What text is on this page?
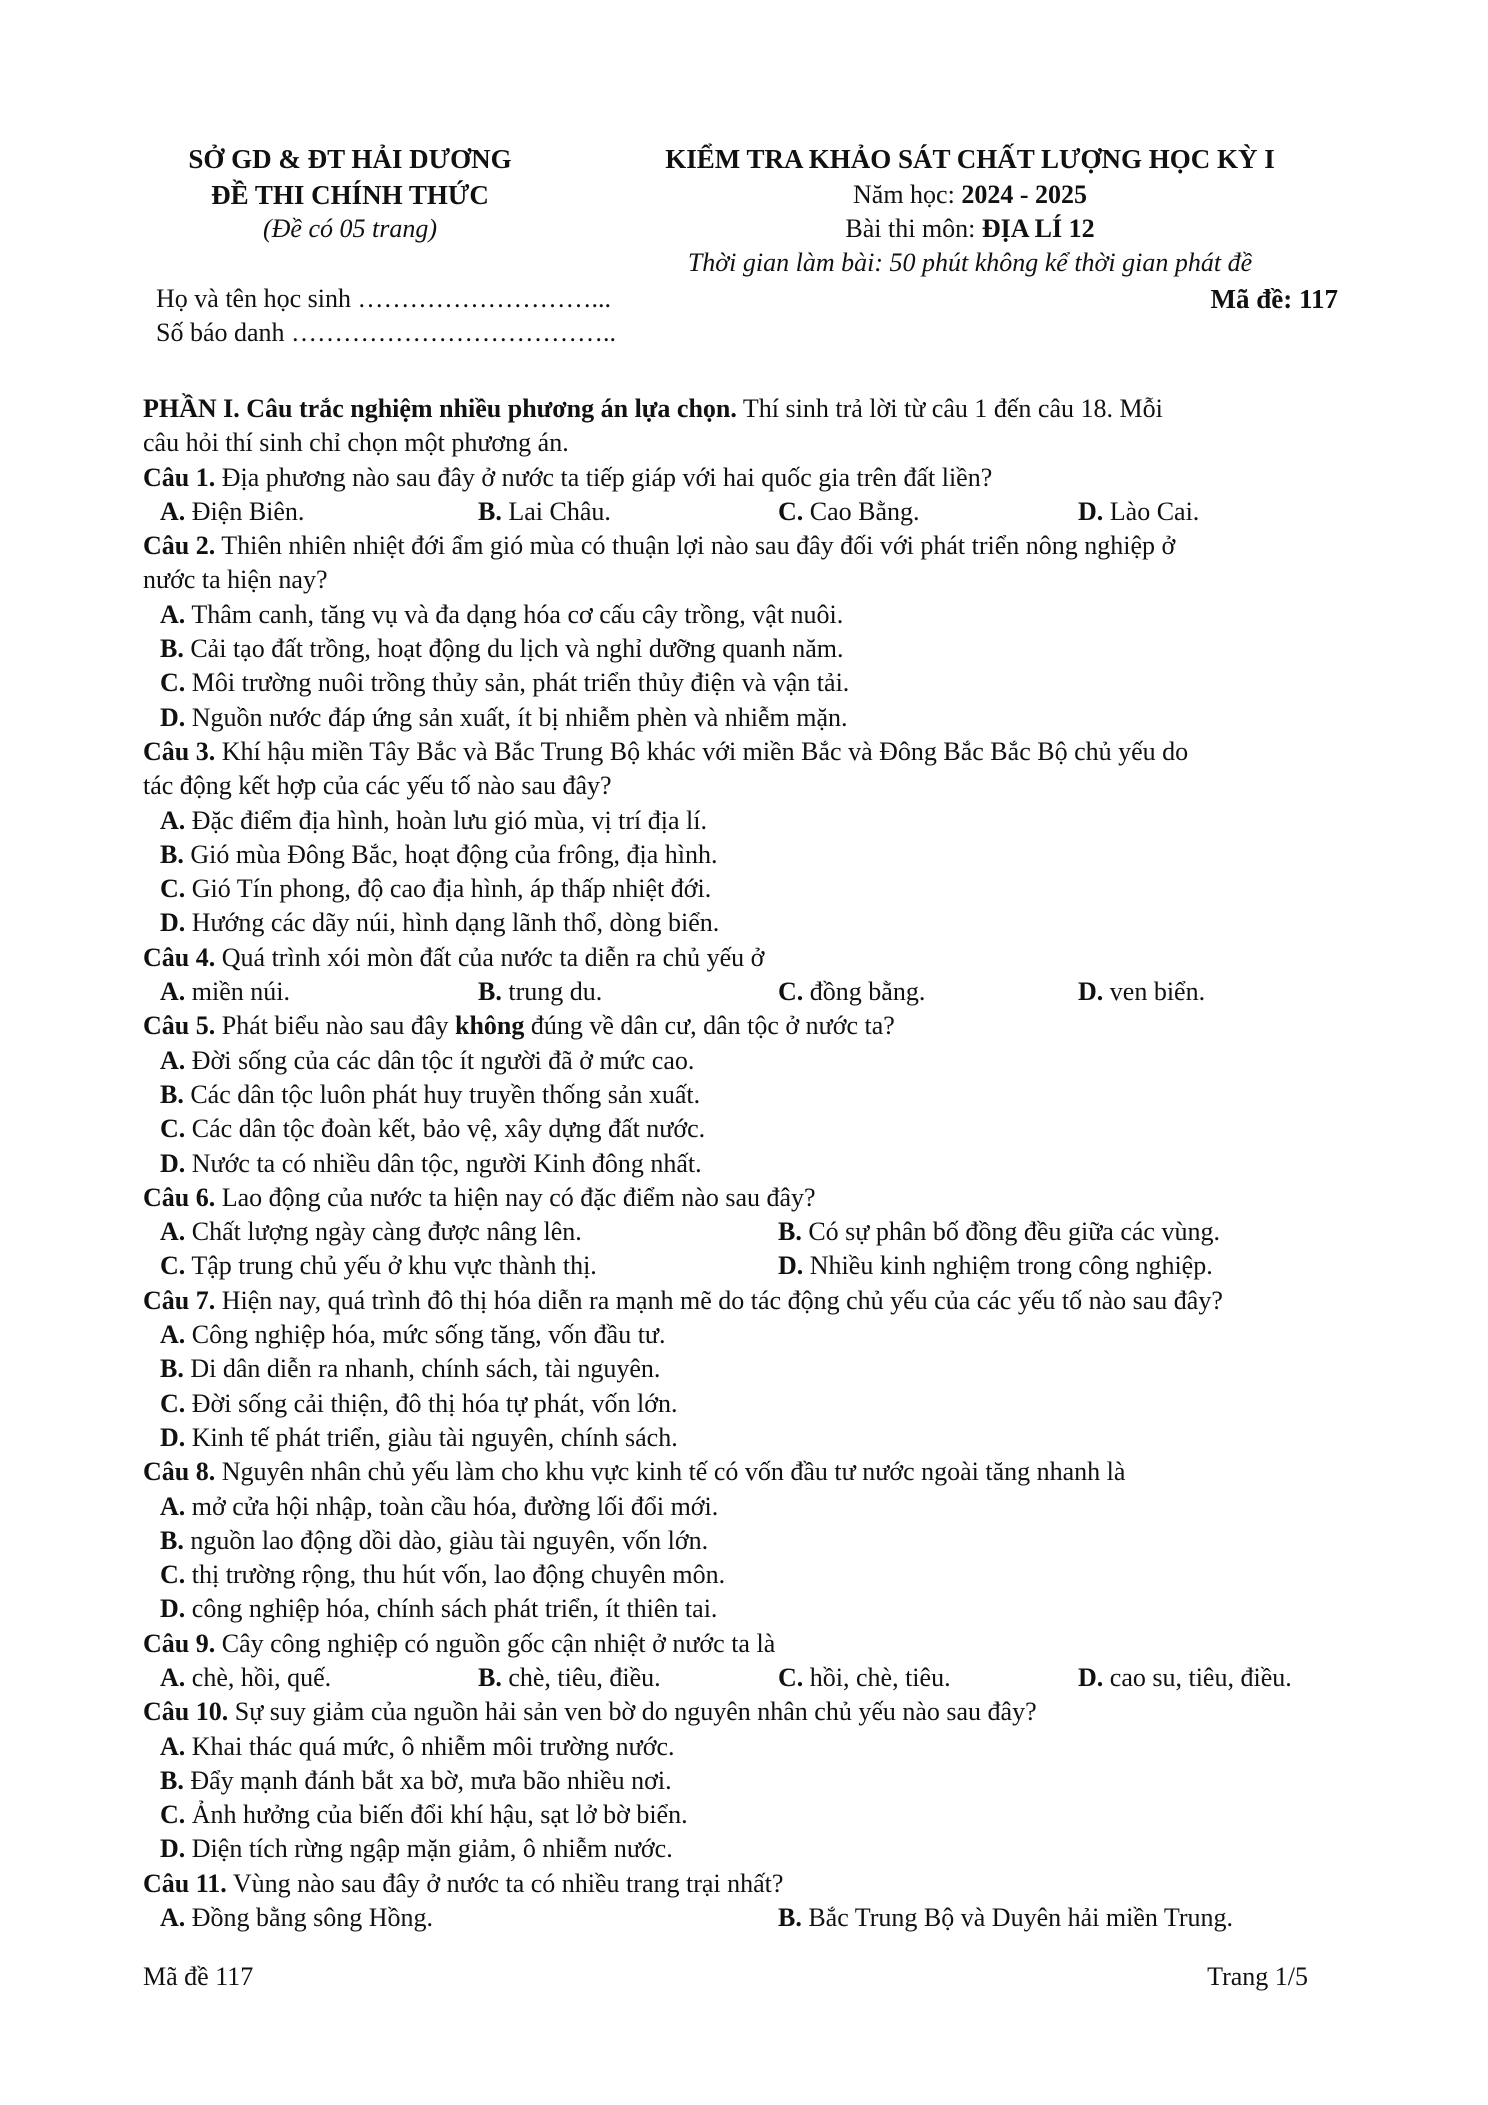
SỞ GD & ĐT HẢI DƯƠNG
ĐỀ THI CHÍNH THỨC
(Đề có 05 trang)
KIỂM TRA KHẢO SÁT CHẤT LƯỢNG HỌC KỲ I
Năm học: 2024 - 2025
Bài thi môn: ĐỊA LÍ 12
Thời gian làm bài: 50 phút không kể thời gian phát đề
Họ và tên học sinh ………………………...	Mã đề: 117
Số báo danh ………………………………..
PHẦN I. Câu trắc nghiệm nhiều phương án lựa chọn. Thí sinh trả lời từ câu 1 đến câu 18. Mỗi
câu hỏi thí sinh chỉ chọn một phương án.
Câu 1. Địa phương nào sau đây ở nước ta tiếp giáp với hai quốc gia trên đất liền?
A. Điện Biên.	B. Lai Châu.	C. Cao Bằng.	D. Lào Cai.
Câu 2. Thiên nhiên nhiệt đới ẩm gió mùa có thuận lợi nào sau đây đối với phát triển nông nghiệp ở
nước ta hiện nay?
A. Thâm canh, tăng vụ và đa dạng hóa cơ cấu cây trồng, vật nuôi.
B. Cải tạo đất trồng, hoạt động du lịch và nghỉ dưỡng quanh năm.
C. Môi trường nuôi trồng thủy sản, phát triển thủy điện và vận tải.
D. Nguồn nước đáp ứng sản xuất, ít bị nhiễm phèn và nhiễm mặn.
Câu 3. Khí hậu miền Tây Bắc và Bắc Trung Bộ khác với miền Bắc và Đông Bắc Bắc Bộ chủ yếu do
tác động kết hợp của các yếu tố nào sau đây?
A. Đặc điểm địa hình, hoàn lưu gió mùa, vị trí địa lí.
B. Gió mùa Đông Bắc, hoạt động của frông, địa hình.
C. Gió Tín phong, độ cao địa hình, áp thấp nhiệt đới.
D. Hướng các dãy núi, hình dạng lãnh thổ, dòng biển.
Câu 4. Quá trình xói mòn đất của nước ta diễn ra chủ yếu ở
A. miền núi.	B. trung du.	C. đồng bằng.	D. ven biển.
Câu 5. Phát biểu nào sau đây không đúng về dân cư, dân tộc ở nước ta?
A. Đời sống của các dân tộc ít người đã ở mức cao.
B. Các dân tộc luôn phát huy truyền thống sản xuất.
C. Các dân tộc đoàn kết, bảo vệ, xây dựng đất nước.
D. Nước ta có nhiều dân tộc, người Kinh đông nhất.
Câu 6. Lao động của nước ta hiện nay có đặc điểm nào sau đây?
A. Chất lượng ngày càng được nâng lên.	B. Có sự phân bố đồng đều giữa các vùng.
C. Tập trung chủ yếu ở khu vực thành thị.	D. Nhiều kinh nghiệm trong công nghiệp.
Câu 7. Hiện nay, quá trình đô thị hóa diễn ra mạnh mẽ do tác động chủ yếu của các yếu tố nào sau đây?
A. Công nghiệp hóa, mức sống tăng, vốn đầu tư.
B. Di dân diễn ra nhanh, chính sách, tài nguyên.
C. Đời sống cải thiện, đô thị hóa tự phát, vốn lớn.
D. Kinh tế phát triển, giàu tài nguyên, chính sách.
Câu 8. Nguyên nhân chủ yếu làm cho khu vực kinh tế có vốn đầu tư nước ngoài tăng nhanh là
A. mở cửa hội nhập, toàn cầu hóa, đường lối đổi mới.
B. nguồn lao động dồi dào, giàu tài nguyên, vốn lớn.
C. thị trường rộng, thu hút vốn, lao động chuyên môn.
D. công nghiệp hóa, chính sách phát triển, ít thiên tai.
Câu 9. Cây công nghiệp có nguồn gốc cận nhiệt ở nước ta là
A. chè, hồi, quế.	B. chè, tiêu, điều.	C. hồi, chè, tiêu.	D. cao su, tiêu, điều.
Câu 10. Sự suy giảm của nguồn hải sản ven bờ do nguyên nhân chủ yếu nào sau đây?
A. Khai thác quá mức, ô nhiễm môi trường nước.
B. Đẩy mạnh đánh bắt xa bờ, mưa bão nhiều nơi.
C. Ảnh hưởng của biến đổi khí hậu, sạt lở bờ biển.
D. Diện tích rừng ngập mặn giảm, ô nhiễm nước.
Câu 11. Vùng nào sau đây ở nước ta có nhiều trang trại nhất?
A. Đồng bằng sông Hồng.	B. Bắc Trung Bộ và Duyên hải miền Trung.
Mã đề 117	Trang 1/5
